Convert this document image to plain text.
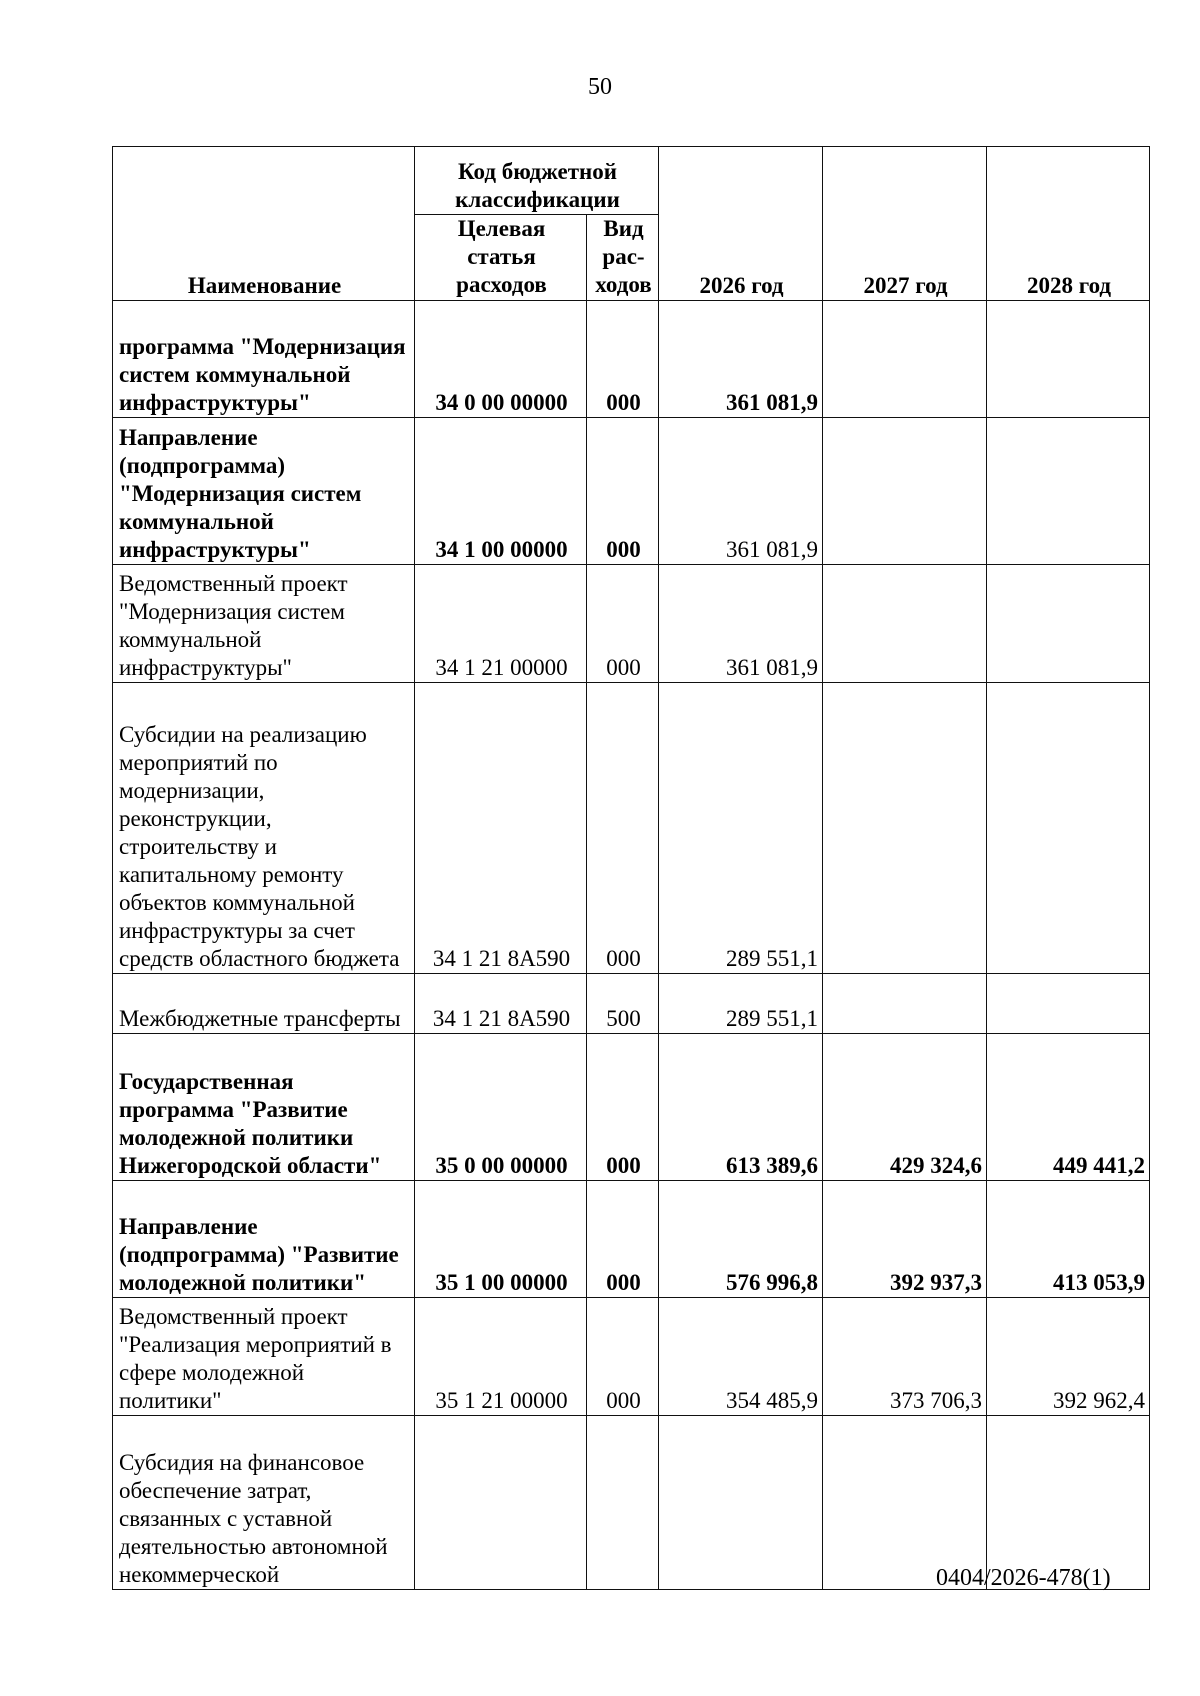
50
Наименование	Код бюджетной классификации		2026 год	2027 год	2028 год
	Целевая статья расходов	Вид рас-ходов			
программа "Модернизация систем коммунальной инфраструктуры"	34 0 00 00000	000	361 081,9		
Направление (подпрограмма) "Модернизация систем коммунальной инфраструктуры"	34 1 00 00000	000	361 081,9		
Ведомственный проект "Модернизация систем коммунальной инфраструктуры"	34 1 21 00000	000	361 081,9		
Субсидии на реализацию мероприятий по модернизации, реконструкции, строительству и капитальному ремонту объектов коммунальной инфраструктуры за счет средств областного бюджета	34 1 21 8А590	000	289 551,1		
Межбюджетные трансферты	34 1 21 8А590	500	289 551,1		
Государственная программа "Развитие молодежной политики Нижегородской области"	35 0 00 00000	000	613 389,6	429 324,6	449 441,2
Направление (подпрограмма) "Развитие молодежной политики"	35 1 00 00000	000	576 996,8	392 937,3	413 053,9
Ведомственный проект "Реализация мероприятий в сфере молодежной политики"	35 1 21 00000	000	354 485,9	373 706,3	392 962,4
Субсидия на финансовое обеспечение затрат, связанных с уставной деятельностью автономной некоммерческой						0404/2026-478(1)
